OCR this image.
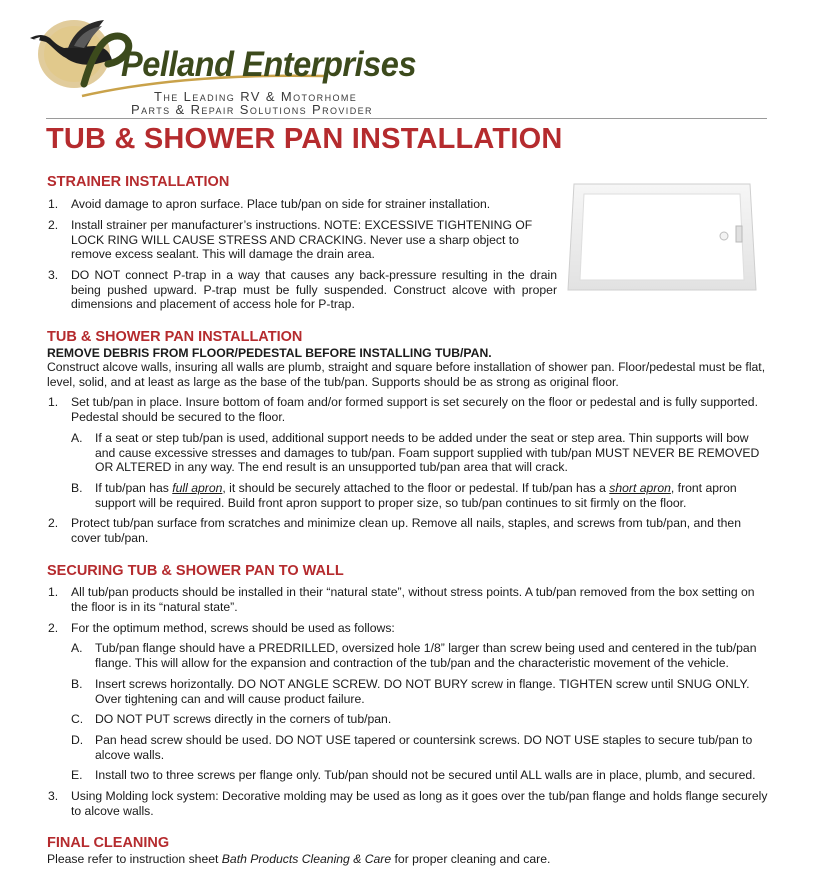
Pelland Enterprises
The Leading RV & Motorhome
Parts & Repair Solutions Provider
TUB & SHOWER PAN INSTALLATION
STRAINER INSTALLATION
1. Avoid damage to apron surface. Place tub/pan on side for strainer installation.
2. Install strainer per manufacturer’s instructions. NOTE: EXCESSIVE TIGHTENING OF LOCK RING WILL CAUSE STRESS AND CRACKING. Never use a sharp object to remove excess sealant. This will damage the drain area.
3. DO NOT connect P-trap in a way that causes any back-pressure resulting in the drain being pushed upward. P-trap must be fully suspended. Construct alcove with proper dimensions and placement of access hole for P-trap.
TUB & SHOWER PAN INSTALLATION
REMOVE DEBRIS FROM FLOOR/PEDESTAL BEFORE INSTALLING TUB/PAN.
Construct alcove walls, insuring all walls are plumb, straight and square before installation of shower pan. Floor/pedestal must be flat, level, solid, and at least as large as the base of the tub/pan. Supports should be as strong as original floor.
1. Set tub/pan in place. Insure bottom of foam and/or formed support is set securely on the floor or pedestal and is fully supported. Pedestal should be secured to the floor.
A. If a seat or step tub/pan is used, additional support needs to be added under the seat or step area. Thin supports will bow and cause excessive stresses and damages to tub/pan. Foam support supplied with tub/pan MUST NEVER BE REMOVED OR ALTERED in any way. The end result is an unsupported tub/pan area that will crack.
B. If tub/pan has full apron, it should be securely attached to the floor or pedestal. If tub/pan has a short apron, front apron support will be required. Build front apron support to proper size, so tub/pan continues to sit firmly on the floor.
2. Protect tub/pan surface from scratches and minimize clean up. Remove all nails, staples, and screws from tub/pan, and then cover tub/pan.
SECURING TUB & SHOWER PAN TO WALL
1. All tub/pan products should be installed in their “natural state”, without stress points. A tub/pan removed from the box setting on the floor is in its “natural state”.
2. For the optimum method, screws should be used as follows:
A. Tub/pan flange should have a PREDRILLED, oversized hole 1/8” larger than screw being used and centered in the tub/pan flange. This will allow for the expansion and contraction of the tub/pan and the characteristic movement of the vehicle.
B. Insert screws horizontally. DO NOT ANGLE SCREW. DO NOT BURY screw in flange. TIGHTEN screw until SNUG ONLY. Over tightening can and will cause product failure.
C. DO NOT PUT screws directly in the corners of tub/pan.
D. Pan head screw should be used. DO NOT USE tapered or countersink screws. DO NOT USE staples to secure tub/pan to alcove walls.
E. Install two to three screws per flange only. Tub/pan should not be secured until ALL walls are in place, plumb, and secured.
3. Using Molding lock system: Decorative molding may be used as long as it goes over the tub/pan flange and holds flange securely to alcove walls.
FINAL CLEANING
Please refer to instruction sheet Bath Products Cleaning & Care for proper cleaning and care.
